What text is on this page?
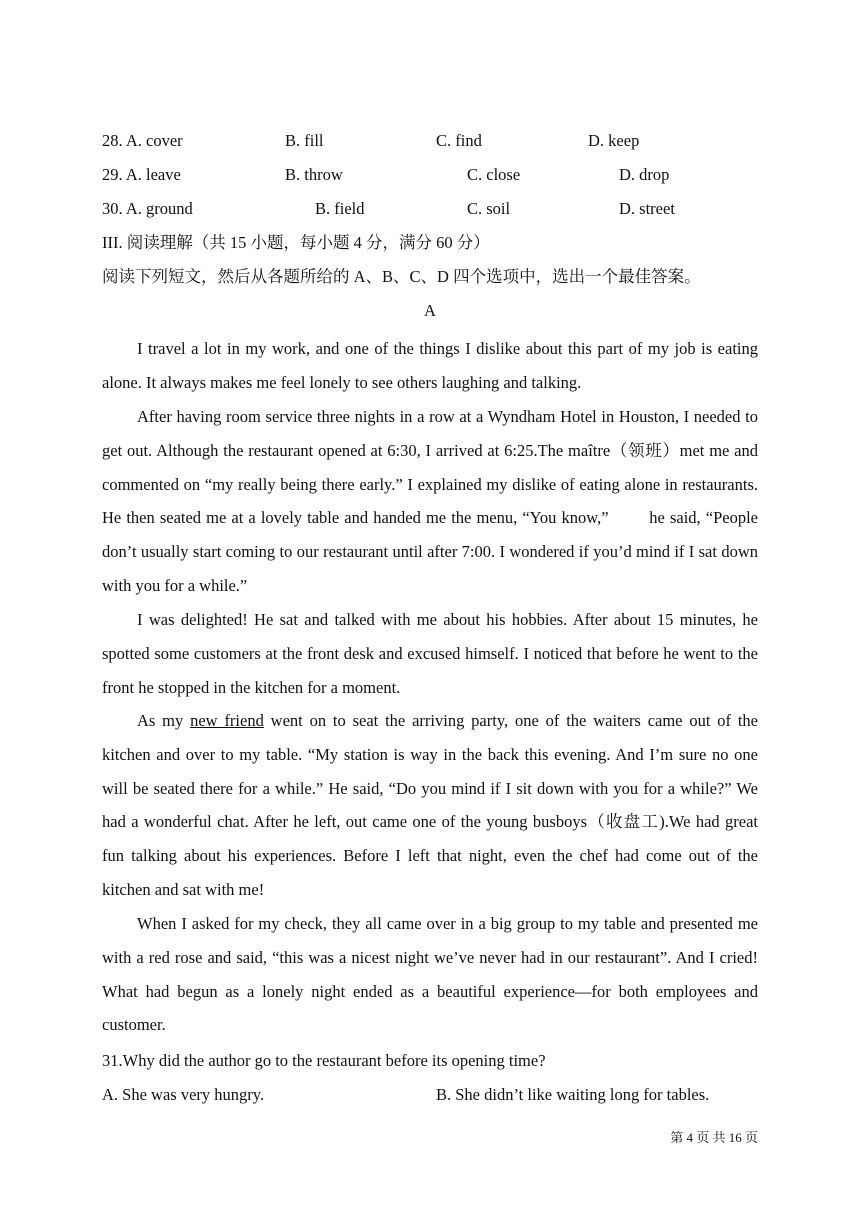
28. A. cover	B. fill	C. find	D. keep
29. A. leave	B. throw	C. close	D. drop
30. A. ground	B. field	C. soil	D. street
III. 阅读理解（共 15 小题，每小题 4 分，满分 60 分）
阅读下列短文，然后从各题所给的 A、B、C、D 四个选项中，选出一个最佳答案。
A
I travel a lot in my work, and one of the things I dislike about this part of my job is eating alone. It always makes me feel lonely to see others laughing and talking.
After having room service three nights in a row at a Wyndham Hotel in Houston, I needed to get out. Although the restaurant opened at 6:30, I arrived at 6:25.The maître（领班）met me and commented on “my really being there early.” I explained my dislike of eating alone in restaurants. He then seated me at a lovely table and handed me the menu, “You know,”        he said, “People don’t usually start coming to our restaurant until after 7:00. I wondered if you’d mind if I sat down with you for a while.”
I was delighted! He sat and talked with me about his hobbies. After about 15 minutes, he spotted some customers at the front desk and excused himself. I noticed that before he went to the front he stopped in the kitchen for a moment.
As my new friend went on to seat the arriving party, one of the waiters came out of the kitchen and over to my table. “My station is way in the back this evening. And I’m sure no one will be seated there for a while.” He said, “Do you mind if I sit down with you for a while?” We had a wonderful chat. After he left, out came one of the young busboys（收盘工).We had great fun talking about his experiences. Before I left that night, even the chef had come out of the kitchen and sat with me!
When I asked for my check, they all came over in a big group to my table and presented me with a red rose and said, “this was a nicest night we’ve never had in our restaurant”. And I cried! What had begun as a lonely night ended as a beautiful experience—for both employees and customer.
31.Why did the author go to the restaurant before its opening time?
A. She was very hungry.	B. She didn’t like waiting long for tables.
第 4 页 共 16 页
